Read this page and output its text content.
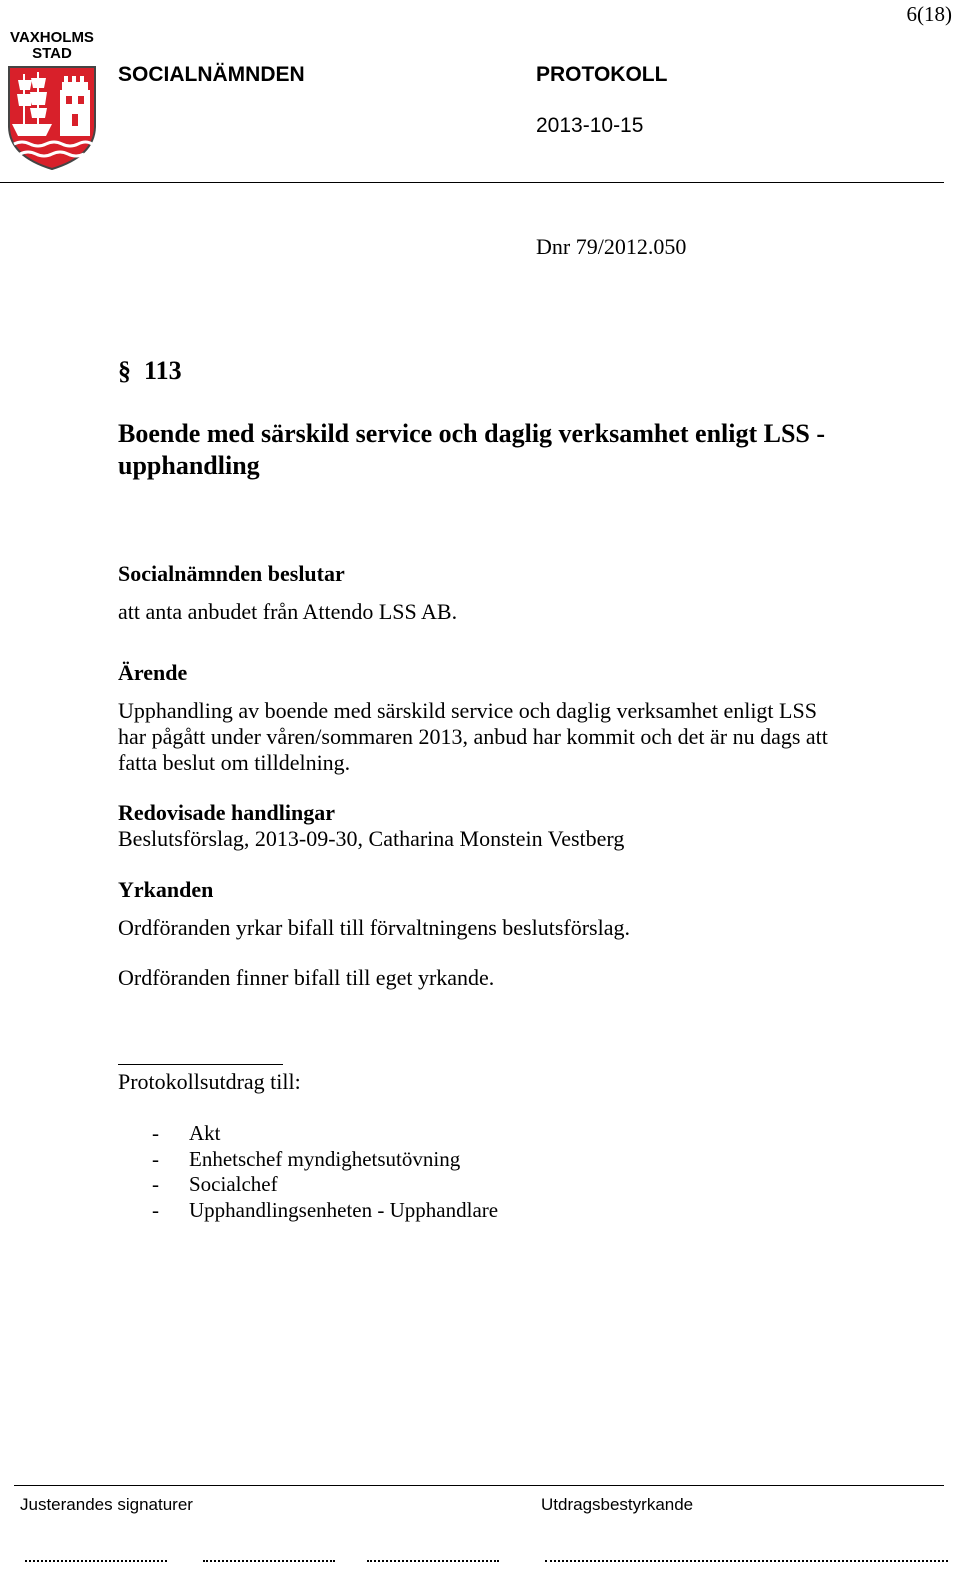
6(18)
VAXHOLMS
STAD
SOCIALNÄMNDEN	PROTOKOLL
2013-10-15
Dnr 79/2012.050
§ 113
Boende med särskild service och daglig verksamhet enligt LSS -
upphandling
Socialnämnden beslutar
att anta anbudet från Attendo LSS AB.
Ärende
Upphandling av boende med särskild service och daglig verksamhet enligt LSS
har pågått under våren/sommaren 2013, anbud har kommit och det är nu dags att
fatta beslut om tilldelning.
Redovisade handlingar
Beslutsförslag, 2013-09-30, Catharina Monstein Vestberg
Yrkanden
Ordföranden yrkar bifall till förvaltningens beslutsförslag.
Ordföranden finner bifall till eget yrkande.
Protokollsutdrag till:
- Akt
- Enhetschef myndighetsutövning
- Socialchef
- Upphandlingsenheten - Upphandlare
Justerandes signaturer	Utdragsbestyrkande
